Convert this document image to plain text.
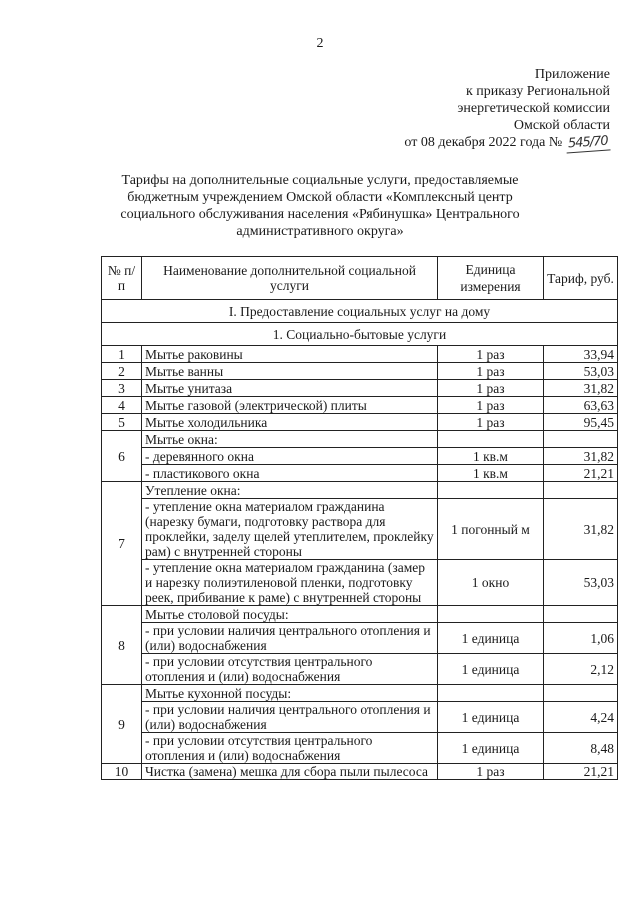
2
Приложение
к приказу Региональной
энергетической комиссии
Омской области
от 08 декабря 2022 года № 545/70
Тарифы на дополнительные социальные услуги, предоставляемые бюджетным учреждением Омской области «Комплексный центр социального обслуживания населения «Рябинушка» Центрального административного округа»
№ п/п	Наименование дополнительной социальной услуги	Единица измерения	Тариф, руб.
I. Предоставление социальных услуг на дому			
1. Социально-бытовые услуги			
1	Мытье раковины	1 раз	33,94
2	Мытье ванны	1 раз	53,03
3	Мытье унитаза	1 раз	31,82
4	Мытье газовой (электрической) плиты	1 раз	63,63
5	Мытье холодильника	1 раз	95,45
6	Мытье окна:		
	- деревянного окна	1 кв.м	31,82
	- пластикового окна	1 кв.м	21,21
7	Утепление окна:		
	- утепление окна материалом гражданина (нарезку бумаги, подготовку раствора для проклейки, заделу щелей утеплителем, проклейку рам) с внутренней стороны	1 погонный м	31,82
	- утепление окна материалом гражданина (замер и нарезку полиэтиленовой пленки, подготовку реек, прибивание к раме) с внутренней стороны	1 окно	53,03
8	Мытье столовой посуды:		
	- при условии наличия центрального отопления и (или) водоснабжения	1 единица	1,06
	- при условии отсутствия центрального отопления и (или) водоснабжения	1 единица	2,12
9	Мытье кухонной посуды:		
	- при условии наличия центрального отопления и (или) водоснабжения	1 единица	4,24
	- при условии отсутствия центрального отопления и (или) водоснабжения	1 единица	8,48
10	Чистка (замена) мешка для сбора пыли пылесоса	1 раз	21,21
